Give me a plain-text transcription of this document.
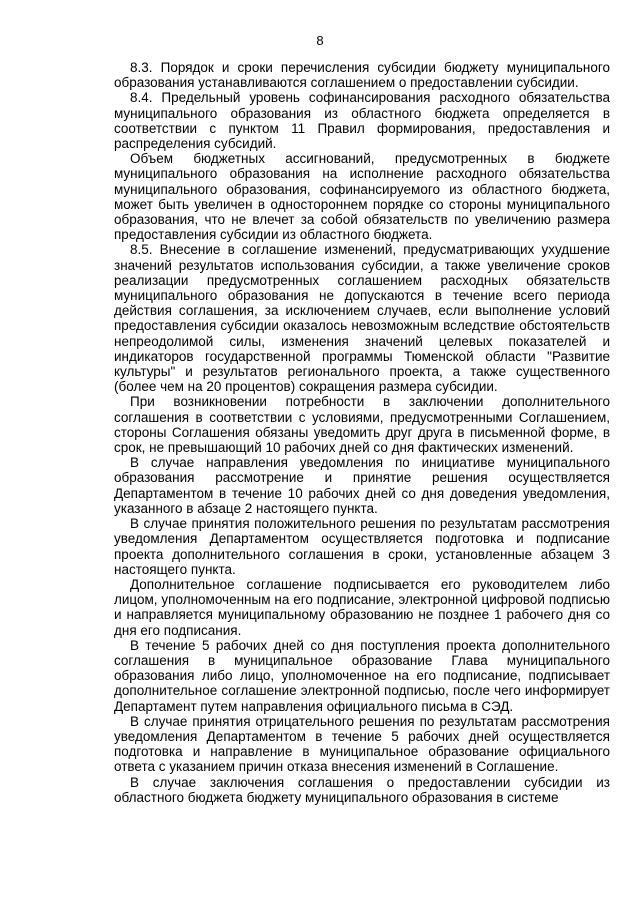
8

8.3. Порядок и сроки перечисления субсидии бюджету муниципального образования устанавливаются соглашением о предоставлении субсидии.

8.4. Предельный уровень софинансирования расходного обязательства муниципального образования из областного бюджета определяется в соответствии с пунктом 11 Правил формирования, предоставления и распределения субсидий.

Объем бюджетных ассигнований, предусмотренных в бюджете муниципального образования на исполнение расходного обязательства муниципального образования, софинансируемого из областного бюджета, может быть увеличен в одностороннем порядке со стороны муниципального образования, что не влечет за собой обязательств по увеличению размера предоставления субсидии из областного бюджета.

8.5. Внесение в соглашение изменений, предусматривающих ухудшение значений результатов использования субсидии, а также увеличение сроков реализации предусмотренных соглашением расходных обязательств муниципального образования не допускаются в течение всего периода действия соглашения, за исключением случаев, если выполнение условий предоставления субсидии оказалось невозможным вследствие обстоятельств непреодолимой силы, изменения значений целевых показателей и индикаторов государственной программы Тюменской области "Развитие культуры" и результатов регионального проекта, а также существенного (более чем на 20 процентов) сокращения размера субсидии.

При возникновении потребности в заключении дополнительного соглашения в соответствии с условиями, предусмотренными Соглашением, стороны Соглашения обязаны уведомить друг друга в письменной форме, в срок, не превышающий 10 рабочих дней со дня фактических изменений.

В случае направления уведомления по инициативе муниципального образования рассмотрение и принятие решения осуществляется Департаментом в течение 10 рабочих дней со дня доведения уведомления, указанного в абзаце 2 настоящего пункта.

В случае принятия положительного решения по результатам рассмотрения уведомления Департаментом осуществляется подготовка и подписание проекта дополнительного соглашения в сроки, установленные абзацем 3 настоящего пункта.

Дополнительное соглашение подписывается его руководителем либо лицом, уполномоченным на его подписание, электронной цифровой подписью и направляется муниципальному образованию не позднее 1 рабочего дня со дня его подписания.

В течение 5 рабочих дней со дня поступления проекта дополнительного соглашения в муниципальное образование Глава муниципального образования либо лицо, уполномоченное на его подписание, подписывает дополнительное соглашение электронной подписью, после чего информирует Департамент путем направления официального письма в СЭД.

В случае принятия отрицательного решения по результатам рассмотрения уведомления Департаментом в течение 5 рабочих дней осуществляется подготовка и направление в муниципальное образование официального ответа с указанием причин отказа внесения изменений в Соглашение.

В случае заключения соглашения о предоставлении субсидии из областного бюджета бюджету муниципального образования в системе
